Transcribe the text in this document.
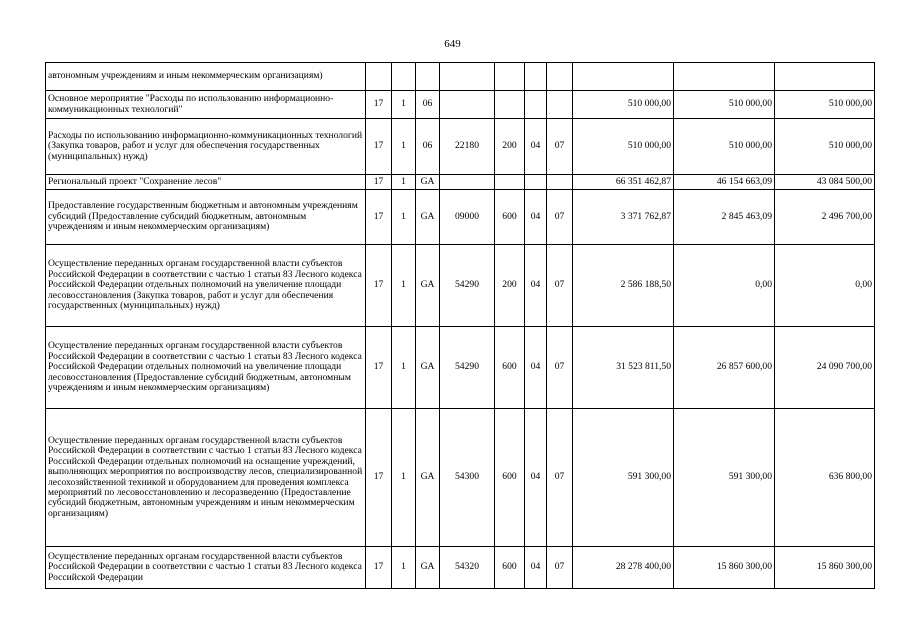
649
автономным учреждениям и иным некоммерческим организациям)										
Основное мероприятие "Расходы по использованию информационно-коммуникационных технологий"	17	1	06					510 000,00	510 000,00	510 000,00
Расходы по использованию информационно-коммуникационных технологий (Закупка товаров, работ и услуг для обеспечения государственных (муниципальных) нужд)	17	1	06	22180	200	04	07	510 000,00	510 000,00	510 000,00
Региональный проект "Сохранение лесов"	17	1	GA					66 351 462,87	46 154 663,09	43 084 500,00
Предоставление государственным бюджетным и автономным учреждениям субсидий (Предоставление субсидий бюджетным, автономным учреждениям и иным некоммерческим организациям)	17	1	GA	09000	600	04	07	3 371 762,87	2 845 463,09	2 496 700,00
Осуществление переданных органам государственной власти субъектов Российской Федерации в соответствии с частью 1 статьи 83 Лесного кодекса Российской Федерации отдельных полномочий на увеличение площади лесовосстановления (Закупка товаров, работ и услуг для обеспечения государственных (муниципальных) нужд)	17	1	GA	54290	200	04	07	2 586 188,50	0,00	0,00
Осуществление переданных органам государственной власти субъектов Российской Федерации в соответствии с частью 1 статьи 83 Лесного кодекса Российской Федерации отдельных полномочий на увеличение площади лесовосстановления (Предоставление субсидий бюджетным, автономным учреждениям и иным некоммерческим организациям)	17	1	GA	54290	600	04	07	31 523 811,50	26 857 600,00	24 090 700,00
Осуществление переданных органам государственной власти субъектов Российской Федерации в соответствии с частью 1 статьи 83 Лесного кодекса Российской Федерации отдельных полномочий на оснащение учреждений, выполняющих мероприятия по воспроизводству лесов, специализированной лесохозяйственной техникой и оборудованием для проведения комплекса мероприятий по лесовосстановлению и лесоразведению (Предоставление субсидий бюджетным, автономным учреждениям и иным некоммерческим организациям)	17	1	GA	54300	600	04	07	591 300,00	591 300,00	636 800,00
Осуществление переданных органам государственной власти субъектов Российской Федерации в соответствии с частью 1 статьи 83 Лесного кодекса Российской Федерации	17	1	GA	54320	600	04	07	28 278 400,00	15 860 300,00	15 860 300,00
